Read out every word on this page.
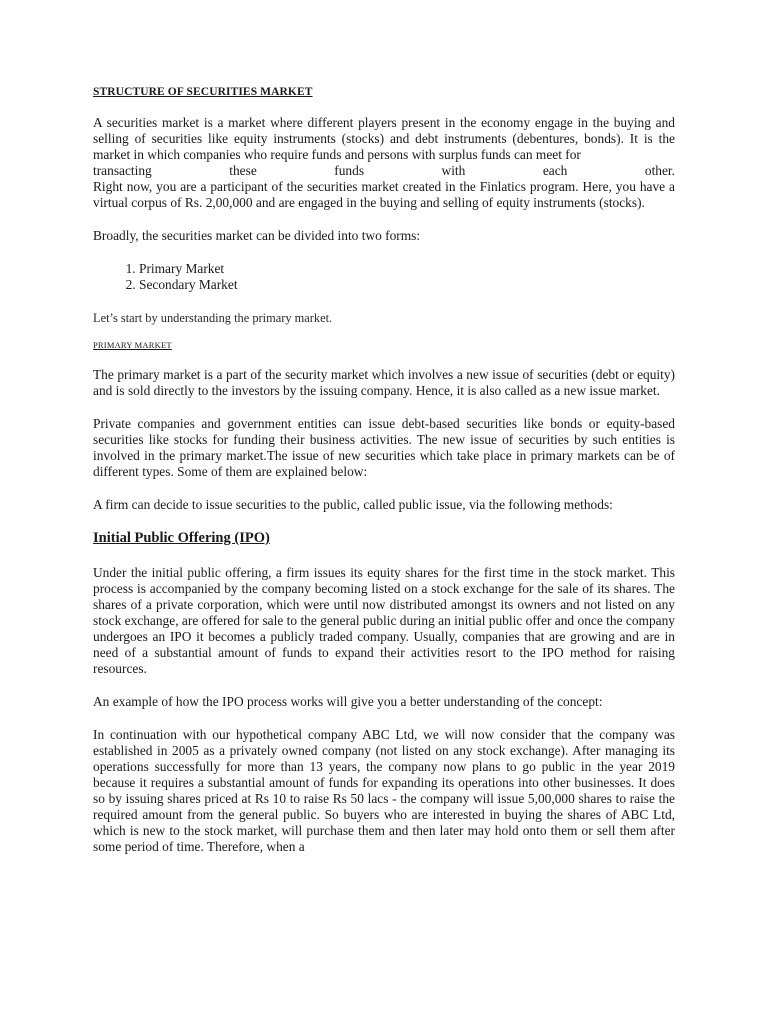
STRUCTURE OF SECURITIES MARKET

A securities market is a market where different players present in the economy engage in the buying and selling of securities like equity instruments (stocks) and debt instruments (debentures, bonds). It is the market in which companies who require funds and persons with surplus funds can meet for

transacting these funds with each other.

Right now, you are a participant of the securities market created in the Finlatics program. Here, you have a virtual corpus of Rs. 2,00,000 and are engaged in the buying and selling of equity instruments (stocks).

Broadly, the securities market can be divided into two forms:

1. Primary Market
2. Secondary Market
Let’s start by understanding the primary market.
PRIMARY MARKET

The primary market is a part of the security market which involves a new issue of securities (debt or equity) and is sold directly to the investors by the issuing company. Hence, it is also called as a new issue market.

Private companies and government entities can issue debt-based securities like bonds or equity-based securities like stocks for funding their business activities. The new issue of securities by such entities is involved in the primary market.The issue of new securities which take place in primary markets can be of different types. Some of them are explained below:

A firm can decide to issue securities to the public, called public issue, via the following methods:

Initial Public Offering (IPO)

Under the initial public offering, a firm issues its equity shares for the first time in the stock market. This process is accompanied by the company becoming listed on a stock exchange for the sale of its shares. The shares of a private corporation, which were until now distributed amongst its owners and not listed on any stock exchange, are offered for sale to the general public during an initial public offer and once the company undergoes an IPO it becomes a publicly traded company. Usually, companies that are growing and are in need of a substantial amount of funds to expand their activities resort to the IPO method for raising resources.

An example of how the IPO process works will give you a better understanding of the concept:

In continuation with our hypothetical company ABC Ltd, we will now consider that the company was established in 2005 as a privately owned company (not listed on any stock exchange). After managing its operations successfully for more than 13 years, the company now plans to go public in the year 2019 because it requires a substantial amount of funds for expanding its operations into other businesses. It does so by issuing shares priced at Rs 10 to raise Rs 50 lacs - the company will issue 5,00,000 shares to raise the required amount from the general public. So buyers who are interested in buying the shares of ABC Ltd, which is new to the stock market, will purchase them and then later may hold onto them or sell them after some period of time. Therefore, when a
